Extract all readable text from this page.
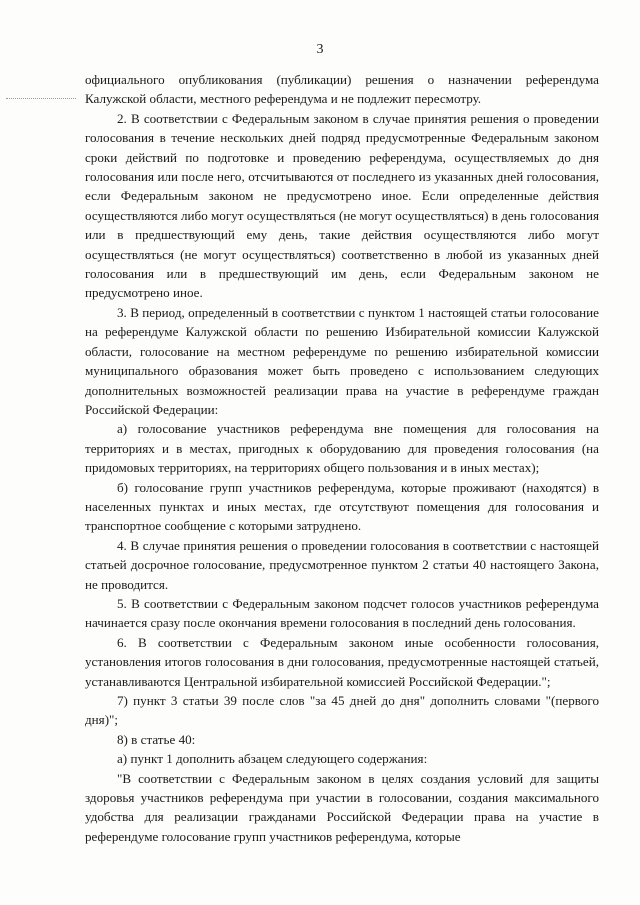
3

официального опубликования (публикации) решения о назначении референдума Калужской области, местного референдума и не подлежит пересмотру.

2. В соответствии с Федеральным законом в случае принятия решения о проведении голосования в течение нескольких дней подряд предусмотренные Федеральным законом сроки действий по подготовке и проведению референдума, осуществляемых до дня голосования или после него, отсчитываются от последнего из указанных дней голосования, если Федеральным законом не предусмотрено иное. Если определенные действия осуществляются либо могут осуществляться (не могут осуществляться) в день голосования или в предшествующий ему день, такие действия осуществляются либо могут осуществляться (не могут осуществляться) соответственно в любой из указанных дней голосования или в предшествующий им день, если Федеральным законом не предусмотрено иное.

3. В период, определенный в соответствии с пунктом 1 настоящей статьи голосование на референдуме Калужской области по решению Избирательной комиссии Калужской области, голосование на местном референдуме по решению избирательной комиссии муниципального образования может быть проведено с использованием следующих дополнительных возможностей реализации права на участие в референдуме граждан Российской Федерации:

а) голосование участников референдума вне помещения для голосования на территориях и в местах, пригодных к оборудованию для проведения голосования (на придомовых территориях, на территориях общего пользования и в иных местах);

б) голосование групп участников референдума, которые проживают (находятся) в населенных пунктах и иных местах, где отсутствуют помещения для голосования и транспортное сообщение с которыми затруднено.

4. В случае принятия решения о проведении голосования в соответствии с настоящей статьей досрочное голосование, предусмотренное пунктом 2 статьи 40 настоящего Закона, не проводится.

5. В соответствии с Федеральным законом подсчет голосов участников референдума начинается сразу после окончания времени голосования в последний день голосования.

6. В соответствии с Федеральным законом иные особенности голосования, установления итогов голосования в дни голосования, предусмотренные настоящей статьей, устанавливаются Центральной избирательной комиссией Российской Федерации.";

7) пункт 3 статьи 39 после слов "за 45 дней до дня" дополнить словами "(первого дня)";

8) в статье 40:

а) пункт 1 дополнить абзацем следующего содержания:

"В соответствии с Федеральным законом в целях создания условий для защиты здоровья участников референдума при участии в голосовании, создания максимального удобства для реализации гражданами Российской Федерации права на участие в референдуме голосование групп участников референдума, которые
